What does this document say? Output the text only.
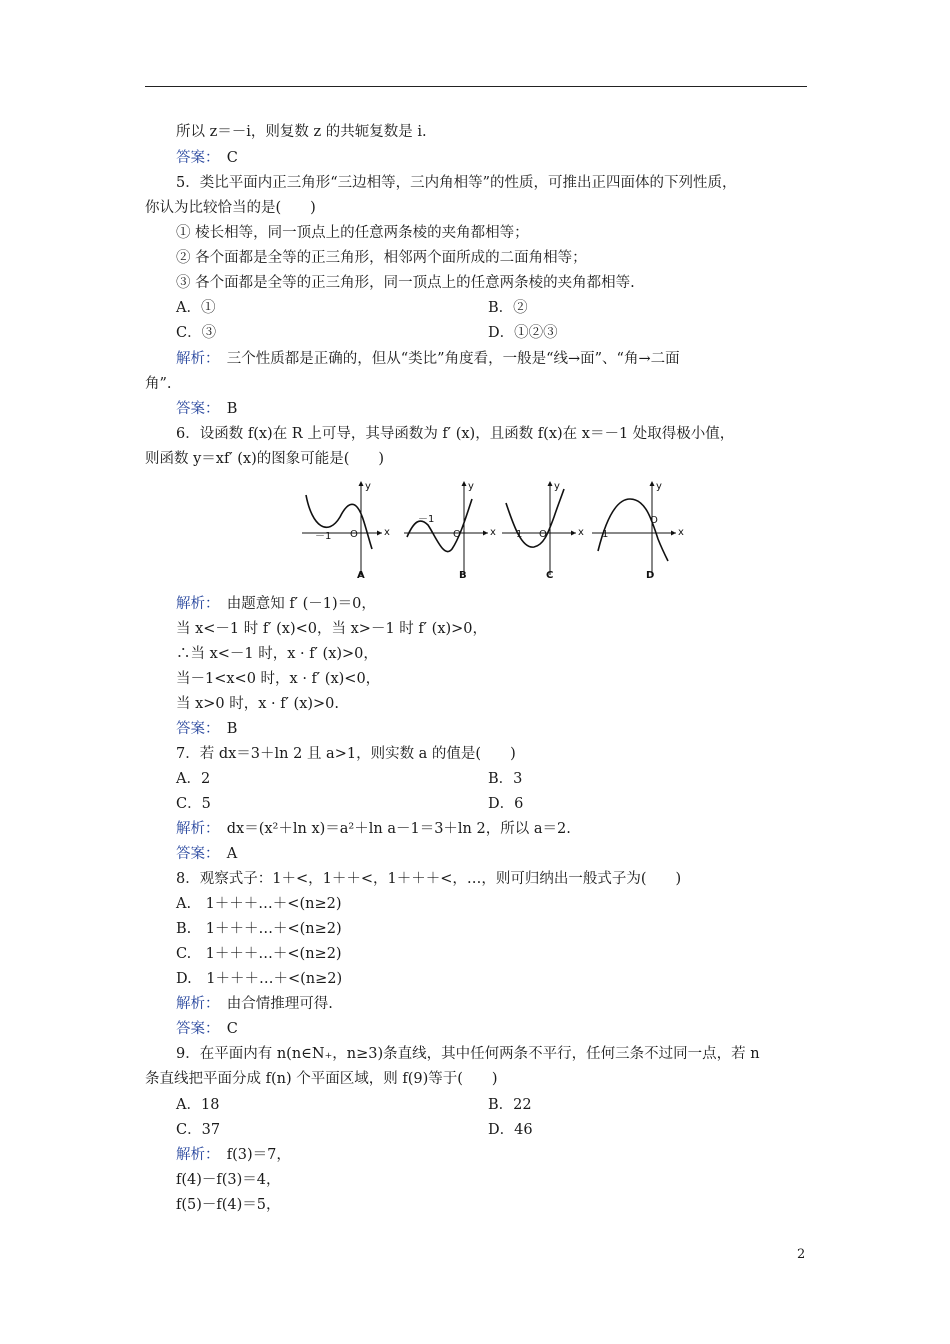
所以 z＝－i，则复数 z 的共轭复数是 i.
答案：　 C
5．类比平面内正三角形“三边相等，三内角相等”的性质，可推出正四面体的下列性质，
你认为比较恰当的是(　　)
① 棱长相等，同一顶点上的任意两条棱的夹角都相等；
② 各个面都是全等的正三角形，相邻两个面所成的二面角相等；
③ 各个面都是全等的正三角形，同一顶点上的任意两条棱的夹角都相等.
A．①	B．②
C．③	D．①②③
解析：　 三个性质都是正确的，但从“类比”角度看，一般是“线→面”、“角→二面
角”.
答案：　 B
6．设函数 f(x)在 R 上可导，其导函数为 f′ (x)，且函数 f(x)在 x＝－1 处取得极小值，
则函数 y＝xf′ (x)的图象可能是(　　)
y
x
O
－1
A
y
x
O
－1
B
y
x
O
－1
C
y
x
O
－1
D
解析：　 由题意知 f′ (－1)＝0，
当 x<－1 时 f′ (x)<0，当 x>－1 时 f′ (x)>0，
∴当 x<－1 时，x · f′ (x)>0，
当－1<x<0 时，x · f′ (x)<0，
当 x>0 时，x · f′ (x)>0.
答案：　 B
7．若 dx＝3＋ln 2 且 a>1，则实数 a 的值是(　　)
A．2	B．3
C．5	D．6
解析：　 dx＝(x²＋ln x)＝a²＋ln a－1＝3＋ln 2，所以 a＝2.
答案：　 A
8．观察式子：1＋<，1＋＋<，1＋＋＋<，…，则可归纳出一般式子为(　　)
A.　1＋＋＋…＋<(n≥2)
B.　1＋＋＋…＋<(n≥2)
C.　1＋＋＋…＋<(n≥2)
D.　1＋＋＋…＋<(n≥2)
解析：　 由合情推理可得.
答案：　 C
9．在平面内有 n(n∈N₊，n≥3)条直线，其中任何两条不平行，任何三条不过同一点，若 n
条直线把平面分成 f(n) 个平面区域，则 f(9)等于(　　)
A．18	B．22
C．37	D．46
解析：　 f(3)＝7，
f(4)－f(3)＝4，
f(5)－f(4)＝5，
2
